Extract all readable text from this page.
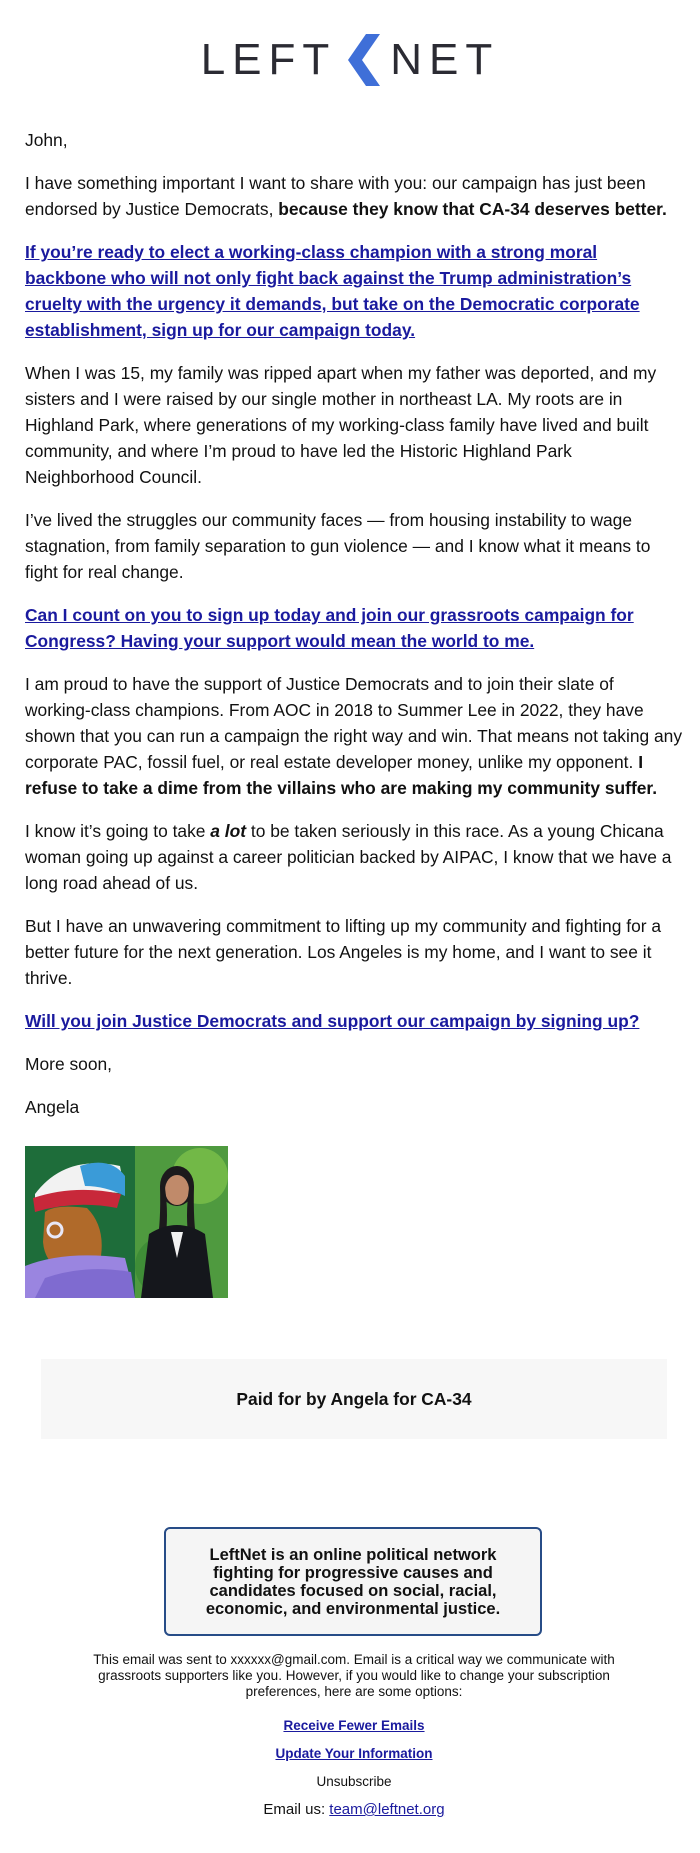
LEFT NET

John,

I have something important I want to share with you: our campaign has just been endorsed by Justice Democrats, because they know that CA-34 deserves better.

If you’re ready to elect a working-class champion with a strong moral backbone who will not only fight back against the Trump administration’s cruelty with the urgency it demands, but take on the Democratic corporate establishment, sign up for our campaign today.

When I was 15, my family was ripped apart when my father was deported, and my sisters and I were raised by our single mother in northeast LA. My roots are in Highland Park, where generations of my working-class family have lived and built community, and where I’m proud to have led the Historic Highland Park Neighborhood Council.

I’ve lived the struggles our community faces — from housing instability to wage stagnation, from family separation to gun violence — and I know what it means to fight for real change.

Can I count on you to sign up today and join our grassroots campaign for Congress? Having your support would mean the world to me.

I am proud to have the support of Justice Democrats and to join their slate of working-class champions. From AOC in 2018 to Summer Lee in 2022, they have shown that you can run a campaign the right way and win. That means not taking any corporate PAC, fossil fuel, or real estate developer money, unlike my opponent. I refuse to take a dime from the villains who are making my community suffer.

I know it’s going to take a lot to be taken seriously in this race. As a young Chicana woman going up against a career politician backed by AIPAC, I know that we have a long road ahead of us.

But I have an unwavering commitment to lifting up my community and fighting for a better future for the next generation. Los Angeles is my home, and I want to see it thrive.

Will you join Justice Democrats and support our campaign by signing up?

More soon,

Angela

Paid for by Angela for CA-34
LeftNet is an online political network fighting for progressive causes and candidates focused on social, racial, economic, and environmental justice.
This email was sent to xxxxxx@gmail.com. Email is a critical way we communicate with grassroots supporters like you. However, if you would like to change your subscription preferences, here are some options:
Receive Fewer Emails
Update Your Information
Unsubscribe
Email us: team@leftnet.org
